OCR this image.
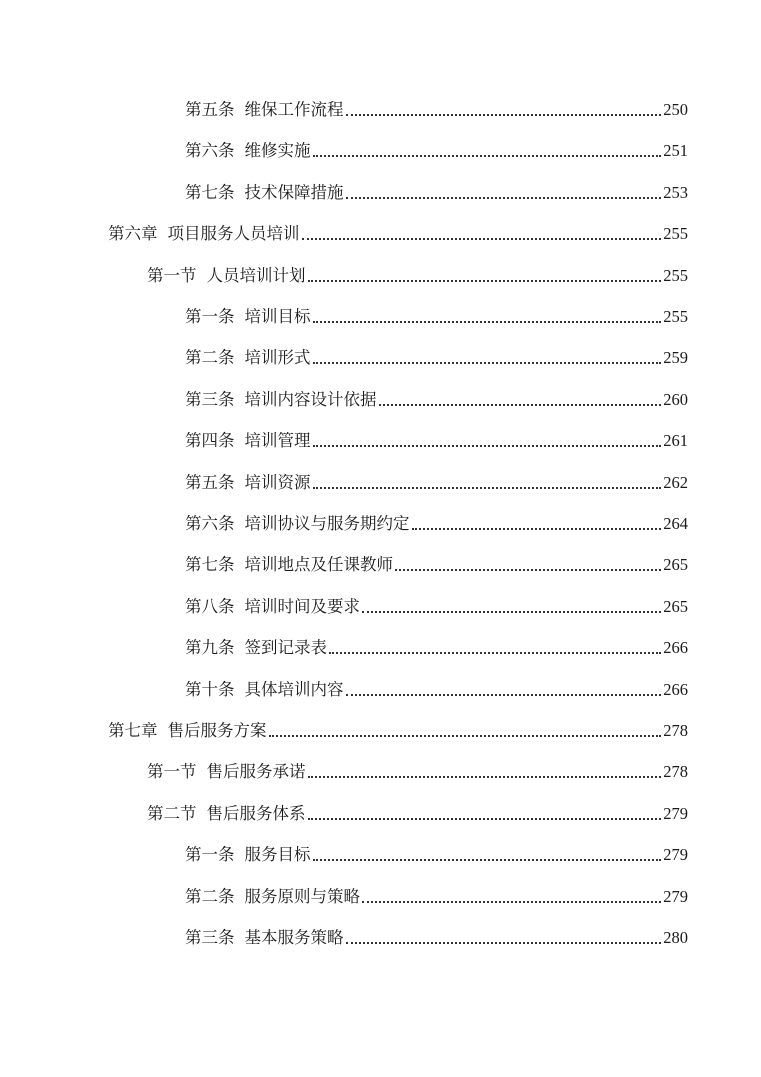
第五条 维保工作流程	250
第六条 维修实施	251
第七条 技术保障措施	253
第六章 项目服务人员培训	255
第一节 人员培训计划	255
第一条 培训目标	255
第二条 培训形式	259
第三条 培训内容设计依据	260
第四条 培训管理	261
第五条 培训资源	262
第六条 培训协议与服务期约定	264
第七条 培训地点及任课教师	265
第八条 培训时间及要求	265
第九条 签到记录表	266
第十条 具体培训内容	266
第七章 售后服务方案	278
第一节 售后服务承诺	278
第二节 售后服务体系	279
第一条 服务目标	279
第二条 服务原则与策略	279
第三条 基本服务策略	280
